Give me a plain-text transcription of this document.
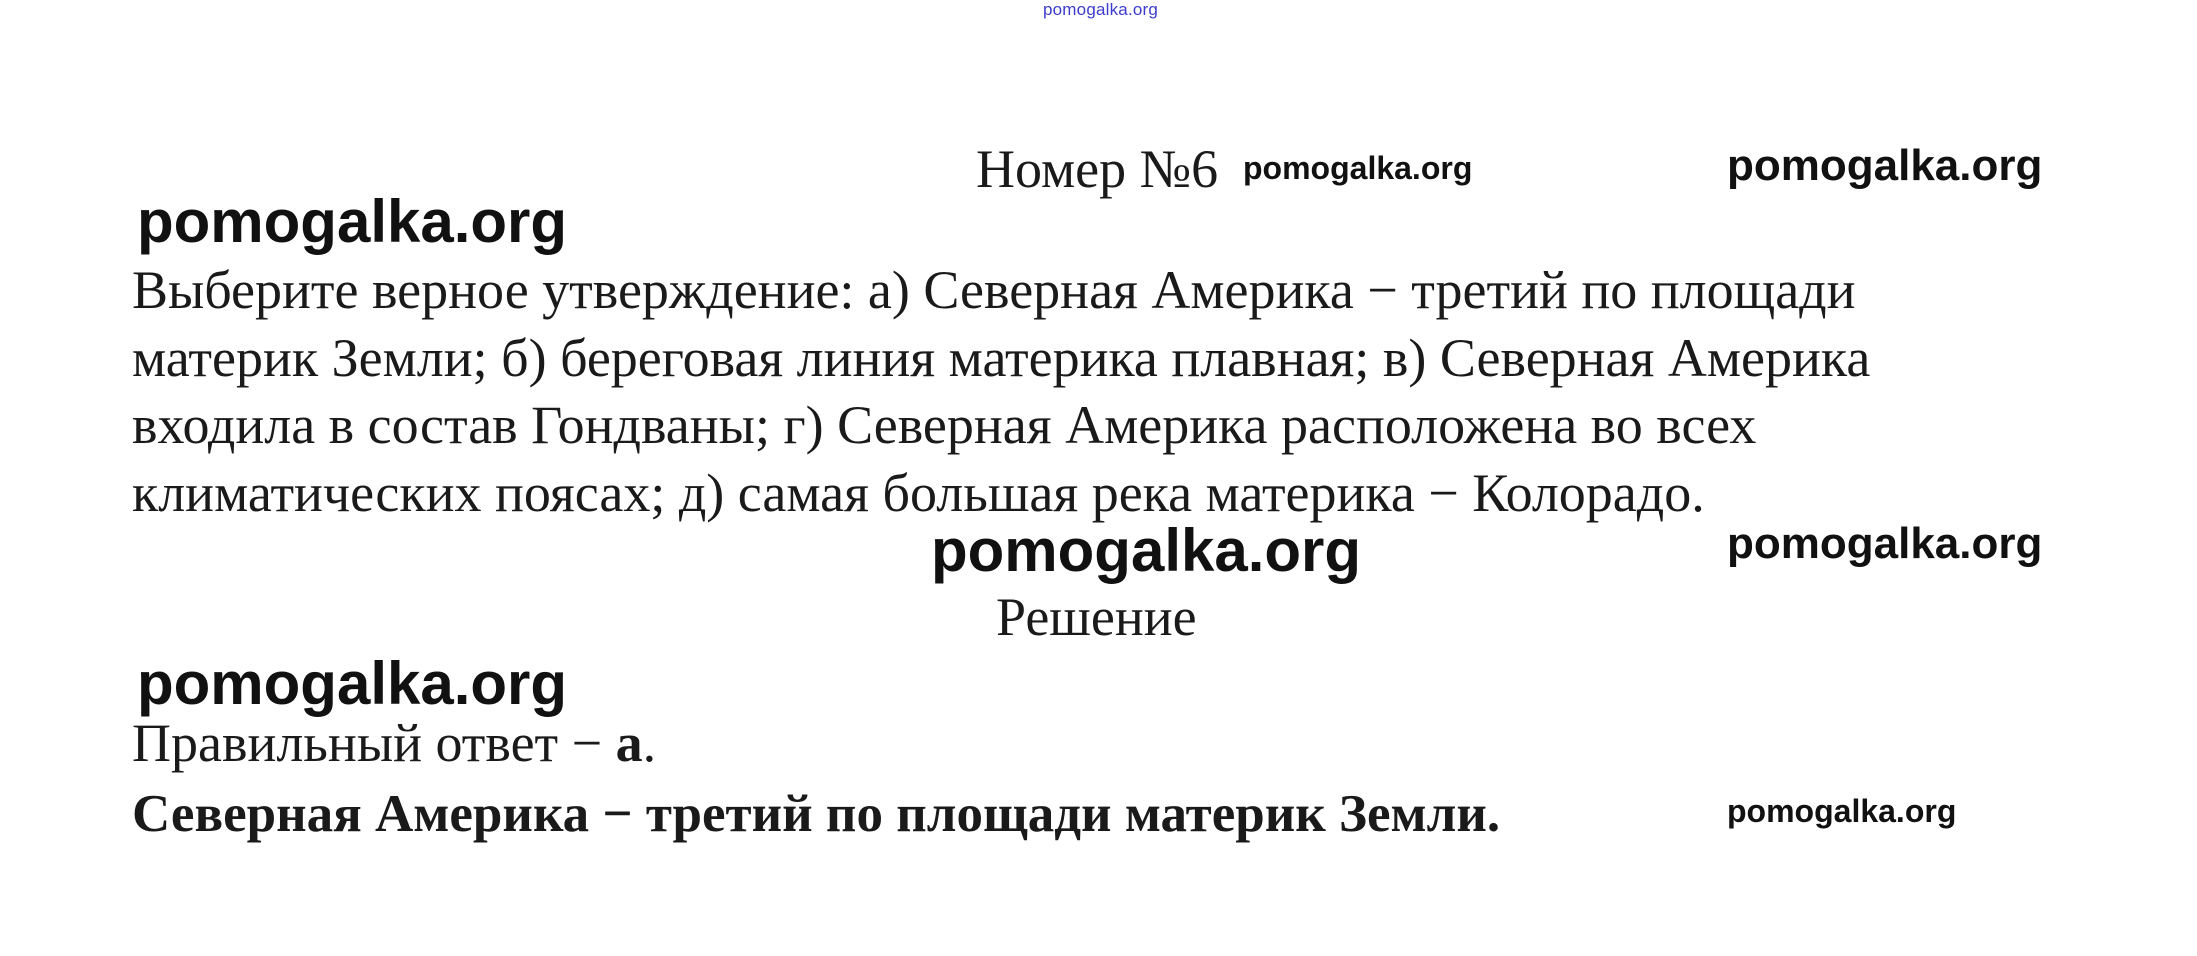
pomogalka.org
Номер №6 pomogalka.org	pomogalka.org
pomogalka.org
Выберите верное утверждение: а) Северная Америка − третий по площади
материк Земли; б) береговая линия материка плавная; в) Северная Америка
входила в состав Гондваны; г) Северная Америка расположена во всех
климатических поясах; д) самая большая река материка − Колорадо.
pomogalka.org	pomogalka.org
Решение
pomogalka.org
Правильный ответ − а.
Северная Америка − третий по площади материк Земли.	pomogalka.org
